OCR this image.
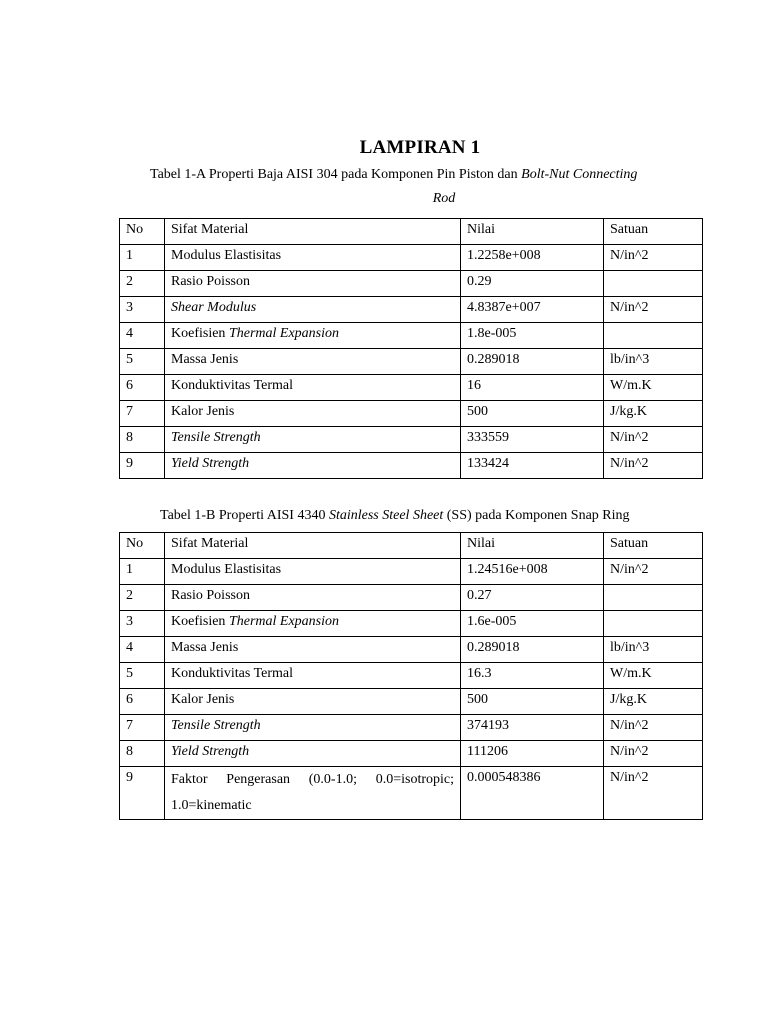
LAMPIRAN 1
Tabel 1-A Properti Baja AISI 304 pada Komponen Pin Piston dan Bolt-Nut Connecting
Rod
No	Sifat Material	Nilai	Satuan
1	Modulus Elastisitas	1.2258e+008	N/in^2
2	Rasio Poisson	0.29	
3	Shear Modulus	4.8387e+007	N/in^2
4	Koefisien Thermal Expansion	1.8e-005	
5	Massa Jenis	0.289018	lb/in^3
6	Konduktivitas Termal	16	W/m.K
7	Kalor Jenis	500	J/kg.K
8	Tensile Strength	333559	N/in^2
9	Yield Strength	133424	N/in^2
Tabel 1-B Properti AISI 4340 Stainless Steel Sheet (SS) pada Komponen Snap Ring
No	Sifat Material	Nilai	Satuan
1	Modulus Elastisitas	1.24516e+008	N/in^2
2	Rasio Poisson	0.27	
3	Koefisien Thermal Expansion	1.6e-005	
4	Massa Jenis	0.289018	lb/in^3
5	Konduktivitas Termal	16.3	W/m.K
6	Kalor Jenis	500	J/kg.K
7	Tensile Strength	374193	N/in^2
8	Yield Strength	111206	N/in^2
9	Faktor Pengerasan (0.0-1.0; 0.0=isotropic; 1.0=kinematic	0.000548386	N/in^2
